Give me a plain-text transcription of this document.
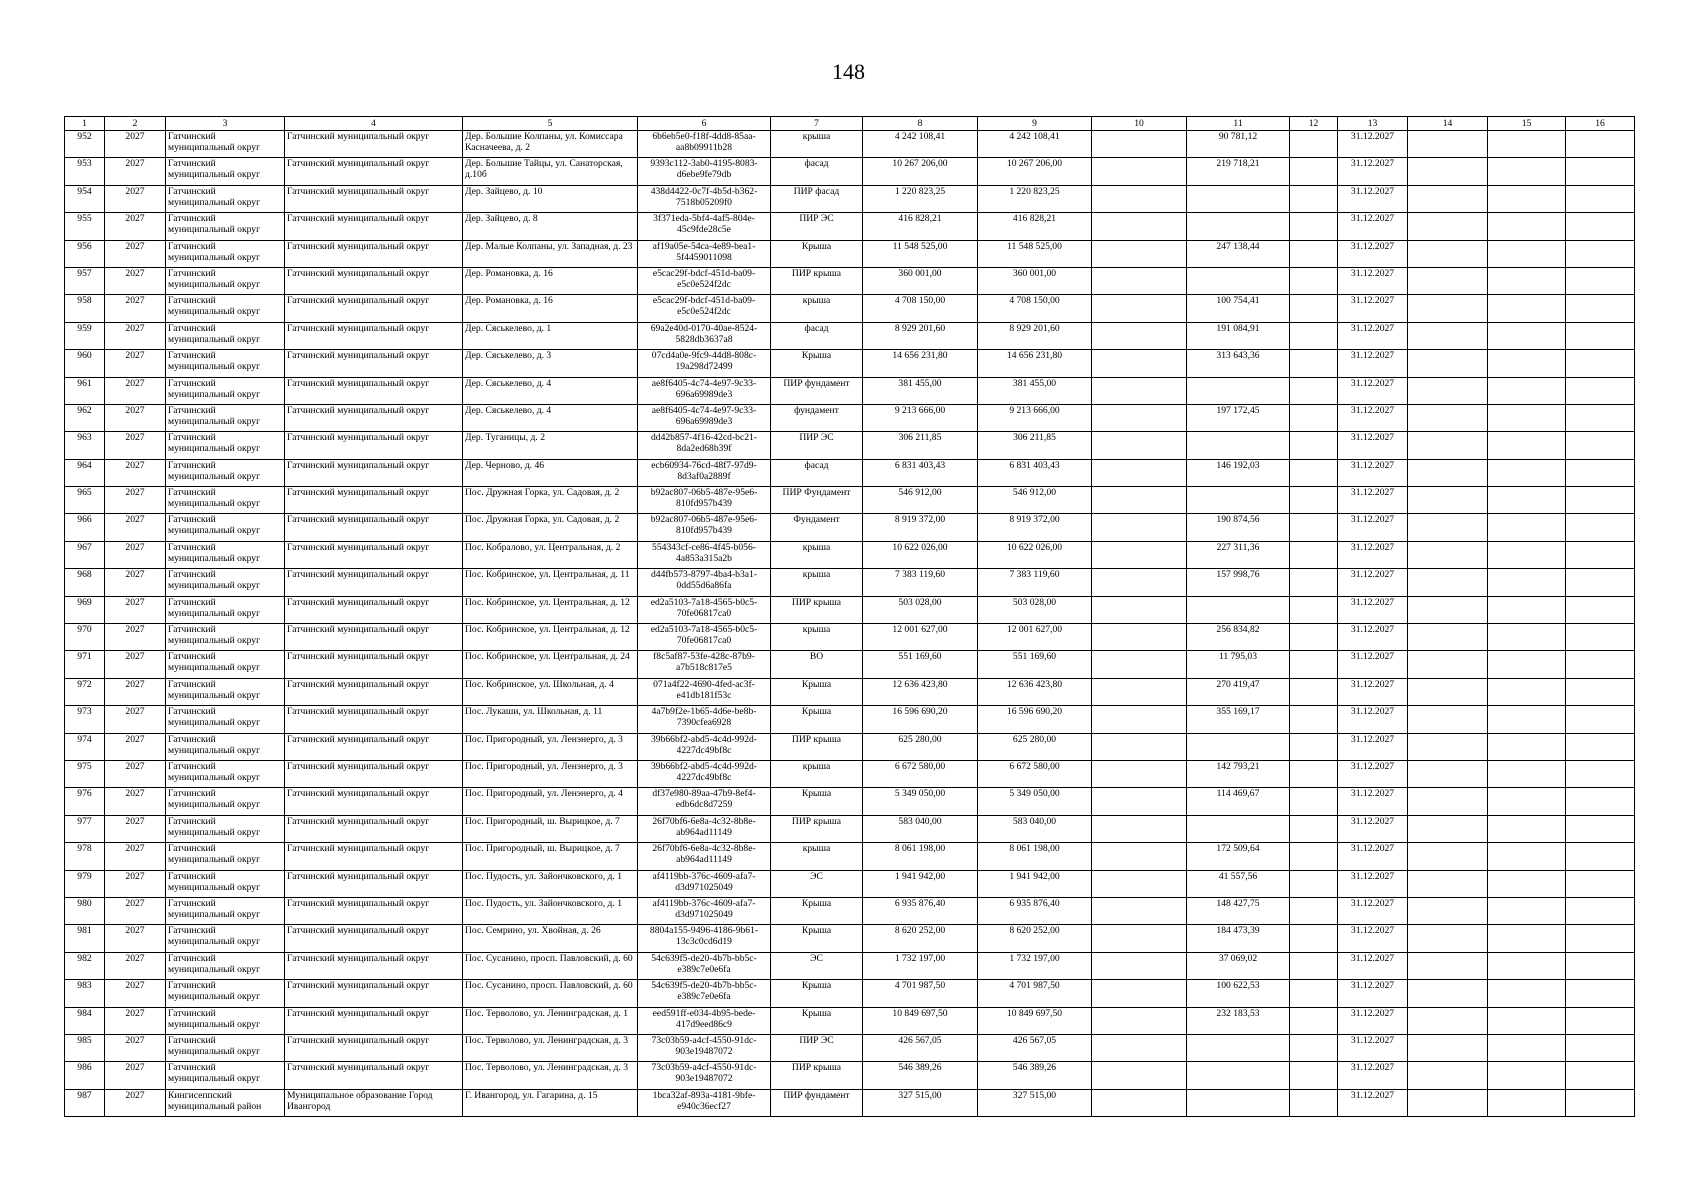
148
1	2	3	4	5	6	7	8	9	10	11	12	13	14	15	16
952	2027	Гатчинский муниципальный округ	Гатчинский муниципальный округ	Дер. Большие Колпаны, ул. Комиссара Касначеева, д. 2	6b6eb5e0-f18f-4dd8-85aa-aa8b09911b28	крыша	4 242 108,41	4 242 108,41		90 781,12		31.12.2027			
953	2027	Гатчинский муниципальный округ	Гатчинский муниципальный округ	Дер. Большие Тайцы, ул. Санаторская, д.10б	9393c112-3ab0-4195-8083-d6ebe9fe79db	фасад	10 267 206,00	10 267 206,00		219 718,21		31.12.2027			
954	2027	Гатчинский муниципальный округ	Гатчинский муниципальный округ	Дер. Зайцево, д. 10	438d4422-0c7f-4b5d-b362-7518b05209f0	ПИР фасад	1 220 823,25	1 220 823,25				31.12.2027			
955	2027	Гатчинский муниципальный округ	Гатчинский муниципальный округ	Дер. Зайцево, д. 8	3f371eda-5bf4-4af5-804e-45c9fde28c5e	ПИР ЭС	416 828,21	416 828,21				31.12.2027			
956	2027	Гатчинский муниципальный округ	Гатчинский муниципальный округ	Дер. Малые Колпаны, ул. Западная, д. 23	af19a05e-54ca-4e89-bea1-5f4459011098	Крыша	11 548 525,00	11 548 525,00		247 138,44		31.12.2027			
957	2027	Гатчинский муниципальный округ	Гатчинский муниципальный округ	Дер. Романовка, д. 16	e5cac29f-bdcf-451d-ba09-e5c0e524f2dc	ПИР крыша	360 001,00	360 001,00				31.12.2027			
958	2027	Гатчинский муниципальный округ	Гатчинский муниципальный округ	Дер. Романовка, д. 16	e5cac29f-bdcf-451d-ba09-e5c0e524f2dc	крыша	4 708 150,00	4 708 150,00		100 754,41		31.12.2027			
959	2027	Гатчинский муниципальный округ	Гатчинский муниципальный округ	Дер. Сяськелево, д. 1	69a2e40d-0170-40ae-8524-5828db3637a8	фасад	8 929 201,60	8 929 201,60		191 084,91		31.12.2027			
960	2027	Гатчинский муниципальный округ	Гатчинский муниципальный округ	Дер. Сяськелево, д. 3	07cd4a0e-9fc9-44d8-808c-19a298d72499	Крыша	14 656 231,80	14 656 231,80		313 643,36		31.12.2027			
961	2027	Гатчинский муниципальный округ	Гатчинский муниципальный округ	Дер. Сяськелево, д. 4	ae8f6405-4c74-4e97-9c33-696a69989de3	ПИР фундамент	381 455,00	381 455,00				31.12.2027			
962	2027	Гатчинский муниципальный округ	Гатчинский муниципальный округ	Дер. Сяськелево, д. 4	ae8f6405-4c74-4e97-9c33-696a69989de3	фундамент	9 213 666,00	9 213 666,00		197 172,45		31.12.2027			
963	2027	Гатчинский муниципальный округ	Гатчинский муниципальный округ	Дер. Туганицы, д. 2	dd42b857-4f16-42cd-bc21-8da2ed68b39f	ПИР ЭС	306 211,85	306 211,85				31.12.2027			
964	2027	Гатчинский муниципальный округ	Гатчинский муниципальный округ	Дер. Черново, д. 46	ecb60934-76cd-48f7-97d9-8d3af0a2889f	фасад	6 831 403,43	6 831 403,43		146 192,03		31.12.2027			
965	2027	Гатчинский муниципальный округ	Гатчинский муниципальный округ	Пос. Дружная Горка, ул. Садовая, д. 2	b92ac807-06b5-487e-95e6-810fd957b439	ПИР Фундамент	546 912,00	546 912,00				31.12.2027			
966	2027	Гатчинский муниципальный округ	Гатчинский муниципальный округ	Пос. Дружная Горка, ул. Садовая, д. 2	b92ac807-06b5-487e-95e6-810fd957b439	Фундамент	8 919 372,00	8 919 372,00		190 874,56		31.12.2027			
967	2027	Гатчинский муниципальный округ	Гатчинский муниципальный округ	Пос. Кобралово, ул. Центральная, д. 2	554343cf-ce86-4f45-b056-4a853a315a2b	крыша	10 622 026,00	10 622 026,00		227 311,36		31.12.2027			
968	2027	Гатчинский муниципальный округ	Гатчинский муниципальный округ	Пос. Кобринское, ул. Центральная, д. 11	d44fb573-8797-4ba4-b3a1-0dd55d6a86fa	крыша	7 383 119,60	7 383 119,60		157 998,76		31.12.2027			
969	2027	Гатчинский муниципальный округ	Гатчинский муниципальный округ	Пос. Кобринское, ул. Центральная, д. 12	ed2a5103-7a18-4565-b0c5-70fe06817ca0	ПИР крыша	503 028,00	503 028,00				31.12.2027			
970	2027	Гатчинский муниципальный округ	Гатчинский муниципальный округ	Пос. Кобринское, ул. Центральная, д. 12	ed2a5103-7a18-4565-b0c5-70fe06817ca0	крыша	12 001 627,00	12 001 627,00		256 834,82		31.12.2027			
971	2027	Гатчинский муниципальный округ	Гатчинский муниципальный округ	Пос. Кобринское, ул. Центральная, д. 24	f8c5af87-53fe-428c-87b9-a7b518c817e5	ВО	551 169,60	551 169,60		11 795,03		31.12.2027			
972	2027	Гатчинский муниципальный округ	Гатчинский муниципальный округ	Пос. Кобринское, ул. Школьная, д. 4	071a4f22-4690-4fed-ac3f-e41db181f53c	Крыша	12 636 423,80	12 636 423,80		270 419,47		31.12.2027			
973	2027	Гатчинский муниципальный округ	Гатчинский муниципальный округ	Пос. Лукаши, ул. Школьная, д. 11	4a7b9f2e-1b65-4d6e-be8b-7390cfea6928	Крыша	16 596 690,20	16 596 690,20		355 169,17		31.12.2027			
974	2027	Гатчинский муниципальный округ	Гатчинский муниципальный округ	Пос. Пригородный, ул. Ленэнерго, д. 3	39b66bf2-abd5-4c4d-992d-4227dc49bf8c	ПИР крыша	625 280,00	625 280,00				31.12.2027			
975	2027	Гатчинский муниципальный округ	Гатчинский муниципальный округ	Пос. Пригородный, ул. Ленэнерго, д. 3	39b66bf2-abd5-4c4d-992d-4227dc49bf8c	крыша	6 672 580,00	6 672 580,00		142 793,21		31.12.2027			
976	2027	Гатчинский муниципальный округ	Гатчинский муниципальный округ	Пос. Пригородный, ул. Ленэнерго, д. 4	df37e980-89aa-47b9-8ef4-edb6dc8d7259	Крыша	5 349 050,00	5 349 050,00		114 469,67		31.12.2027			
977	2027	Гатчинский муниципальный округ	Гатчинский муниципальный округ	Пос. Пригородный, ш. Вырицкое, д. 7	26f70bf6-6e8a-4c32-8b8e-ab964ad11149	ПИР крыша	583 040,00	583 040,00				31.12.2027			
978	2027	Гатчинский муниципальный округ	Гатчинский муниципальный округ	Пос. Пригородный, ш. Вырицкое, д. 7	26f70bf6-6e8a-4c32-8b8e-ab964ad11149	крыша	8 061 198,00	8 061 198,00		172 509,64		31.12.2027			
979	2027	Гатчинский муниципальный округ	Гатчинский муниципальный округ	Пос. Пудость, ул. Зайончковского, д. 1	af4119bb-376c-4609-afa7-d3d971025049	ЭС	1 941 942,00	1 941 942,00		41 557,56		31.12.2027			
980	2027	Гатчинский муниципальный округ	Гатчинский муниципальный округ	Пос. Пудость, ул. Зайончковского, д. 1	af4119bb-376c-4609-afa7-d3d971025049	Крыша	6 935 876,40	6 935 876,40		148 427,75		31.12.2027			
981	2027	Гатчинский муниципальный округ	Гатчинский муниципальный округ	Пос. Семрино, ул. Хвойная, д. 26	8804a155-9496-4186-9b61-13c3c0cd6d19	Крыша	8 620 252,00	8 620 252,00		184 473,39		31.12.2027			
982	2027	Гатчинский муниципальный округ	Гатчинский муниципальный округ	Пос. Сусанино, просп. Павловский, д. 60	54c639f5-de20-4b7b-bb5c-e389c7e0e6fa	ЭС	1 732 197,00	1 732 197,00		37 069,02		31.12.2027			
983	2027	Гатчинский муниципальный округ	Гатчинский муниципальный округ	Пос. Сусанино, просп. Павловский, д. 60	54c639f5-de20-4b7b-bb5c-e389c7e0e6fa	Крыша	4 701 987,50	4 701 987,50		100 622,53		31.12.2027			
984	2027	Гатчинский муниципальный округ	Гатчинский муниципальный округ	Пос. Терволово, ул. Ленинградская, д. 1	eed591ff-e034-4b95-bede-417d9eed86c9	Крыша	10 849 697,50	10 849 697,50		232 183,53		31.12.2027			
985	2027	Гатчинский муниципальный округ	Гатчинский муниципальный округ	Пос. Терволово, ул. Ленинградская, д. 3	73c03b59-a4cf-4550-91dc-903e19487072	ПИР ЭС	426 567,05	426 567,05				31.12.2027			
986	2027	Гатчинский муниципальный округ	Гатчинский муниципальный округ	Пос. Терволово, ул. Ленинградская, д. 3	73c03b59-a4cf-4550-91dc-903e19487072	ПИР крыша	546 389,26	546 389,26				31.12.2027			
987	2027	Кингисеппский муниципальный район	Муниципальное образование Город Ивангород	Г. Ивангород, ул. Гагарина, д. 15	1bca32af-893a-4181-9bfe-e940c36ecf27	ПИР фундамент	327 515,00	327 515,00				31.12.2027			
